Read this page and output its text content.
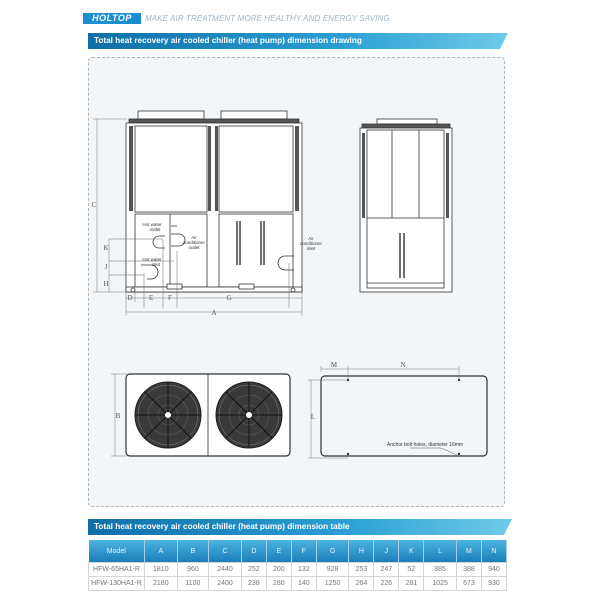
HOLTOP	MAKE AIR TREATMENT MORE HEALTHY AND ENERGY SAVING
Total heat recovery air cooled chiller (heat pump) dimension drawing
Hot water
outlet
Hot water
inlet
Air
conditioner
outlet
Air
conditioner
inlet
Anchor bolt holes, diameter 16mm
C
K
J
H
D E F	G
A
B
M	N
L
Total heat recovery air cooled chiller (heat pump) dimension table
Model	A	B	C	D	E	F	G	H	J	K	L	M	N
HFW-65HA1-R	1810	960	2440	252	200	132	928	253	247	52	885	388	940
HFW-130HA1-R	2180	1100	2400	238	280	140	1250	264	226	281	1025	673	930
